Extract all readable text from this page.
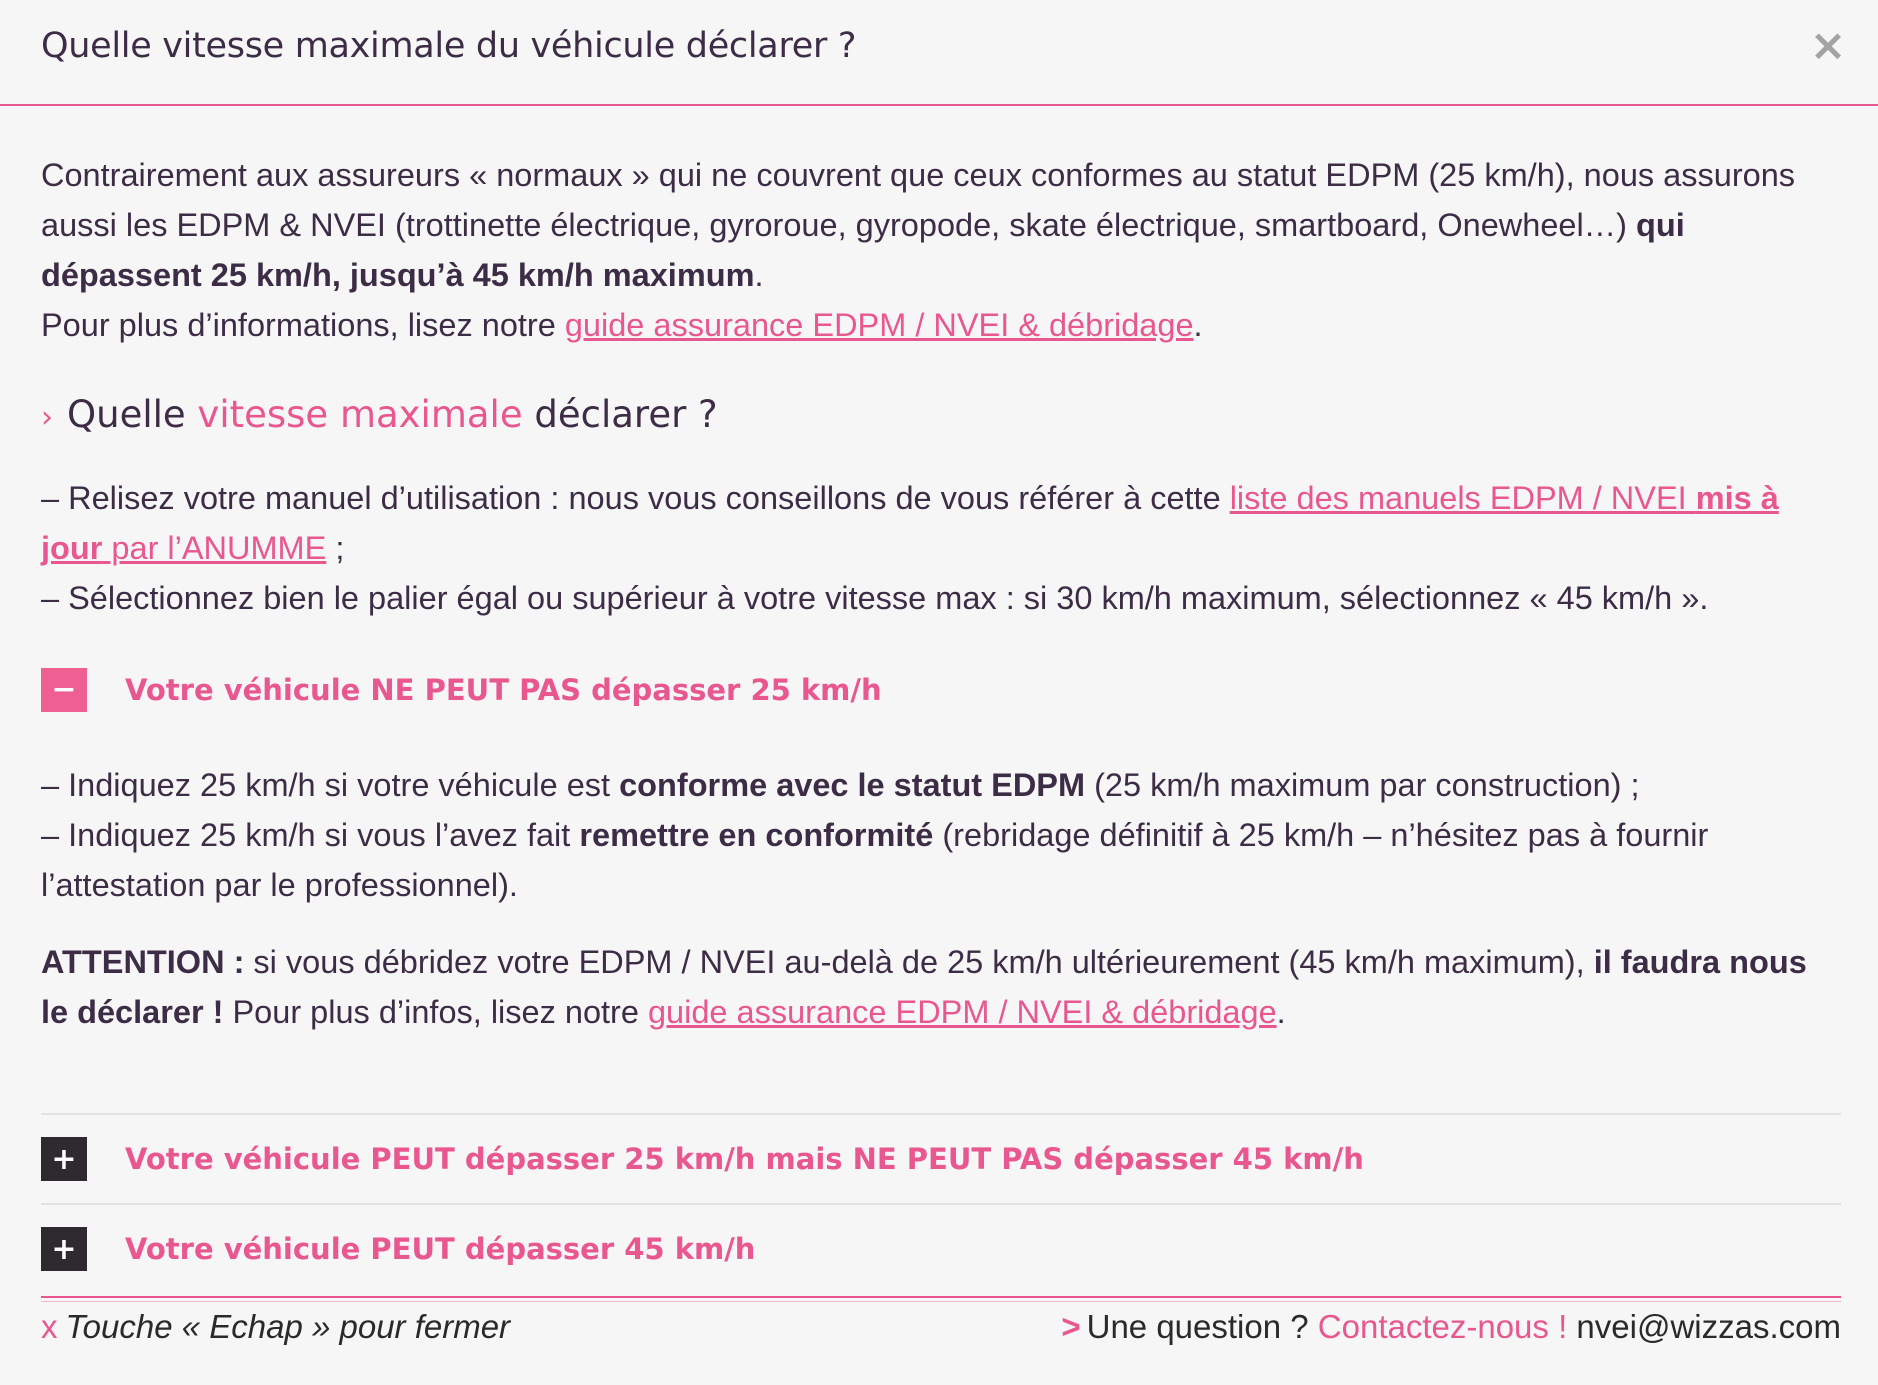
Quelle vitesse maximale du véhicule déclarer ?	×

Contrairement aux assureurs « normaux » qui ne couvrent que ceux conformes au statut EDPM (25 km/h), nous assurons aussi les EDPM & NVEI (trottinette électrique, gyroroue, gyropode, skate électrique, smartboard, Onewheel…) qui dépassent 25 km/h, jusqu’à 45 km/h maximum.
Pour plus d’informations, lisez notre guide assurance EDPM / NVEI & débridage.

› Quelle vitesse maximale déclarer ?

– Relisez votre manuel d’utilisation : nous vous conseillons de vous référer à cette liste des manuels EDPM / NVEI mis à jour par l’ANUMME ;
– Sélectionnez bien le palier égal ou supérieur à votre vitesse max : si 30 km/h maximum, sélectionnez « 45 km/h ».

−	Votre véhicule NE PEUT PAS dépasser 25 km/h

– Indiquez 25 km/h si votre véhicule est conforme avec le statut EDPM (25 km/h maximum par construction) ;
– Indiquez 25 km/h si vous l’avez fait remettre en conformité (rebridage définitif à 25 km/h – n’hésitez pas à fournir l’attestation par le professionnel).

ATTENTION : si vous débridez votre EDPM / NVEI au-delà de 25 km/h ultérieurement (45 km/h maximum), il faudra nous le déclarer ! Pour plus d’infos, lisez notre guide assurance EDPM / NVEI & débridage.

+	Votre véhicule PEUT dépasser 25 km/h mais NE PEUT PAS dépasser 45 km/h
+	Votre véhicule PEUT dépasser 45 km/h
x Touche « Echap » pour fermer	> Une question ? Contactez-nous ! nvei@wizzas.com
